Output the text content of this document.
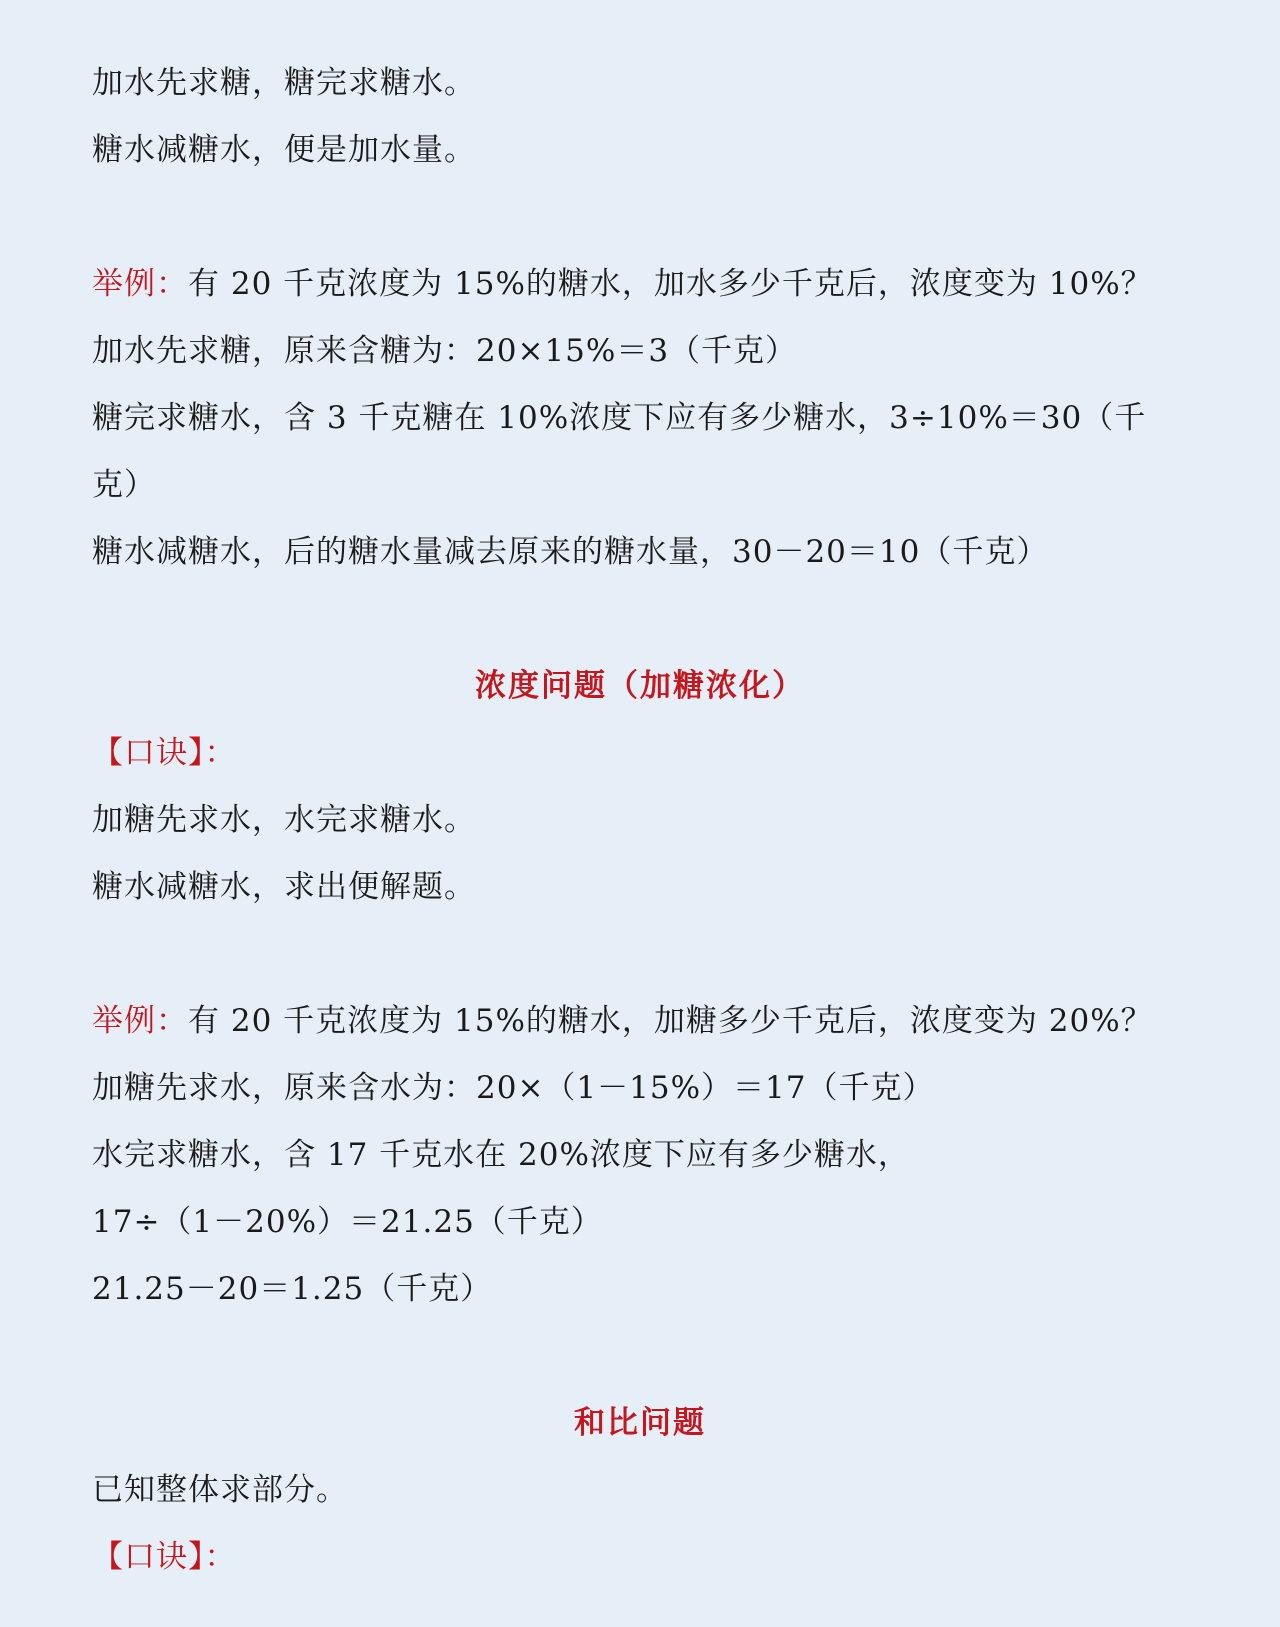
加水先求糖，糖完求糖水。
糖水减糖水，便是加水量。
举例：有 20 千克浓度为 15%的糖水，加水多少千克后，浓度变为 10%？
加水先求糖，原来含糖为：20×15%＝3（千克）
糖完求糖水，含 3 千克糖在 10%浓度下应有多少糖水，3÷10%＝30（千
克）
糖水减糖水，后的糖水量减去原来的糖水量，30－20＝10（千克）
浓度问题（加糖浓化）
【口诀】：
加糖先求水，水完求糖水。
糖水减糖水，求出便解题。
举例：有 20 千克浓度为 15%的糖水，加糖多少千克后，浓度变为 20%？
加糖先求水，原来含水为：20×（1－15%）＝17（千克）
水完求糖水，含 17 千克水在 20%浓度下应有多少糖水，
17÷（1－20%）＝21.25（千克）
21.25－20＝1.25（千克）
和比问题
已知整体求部分。
【口诀】：
